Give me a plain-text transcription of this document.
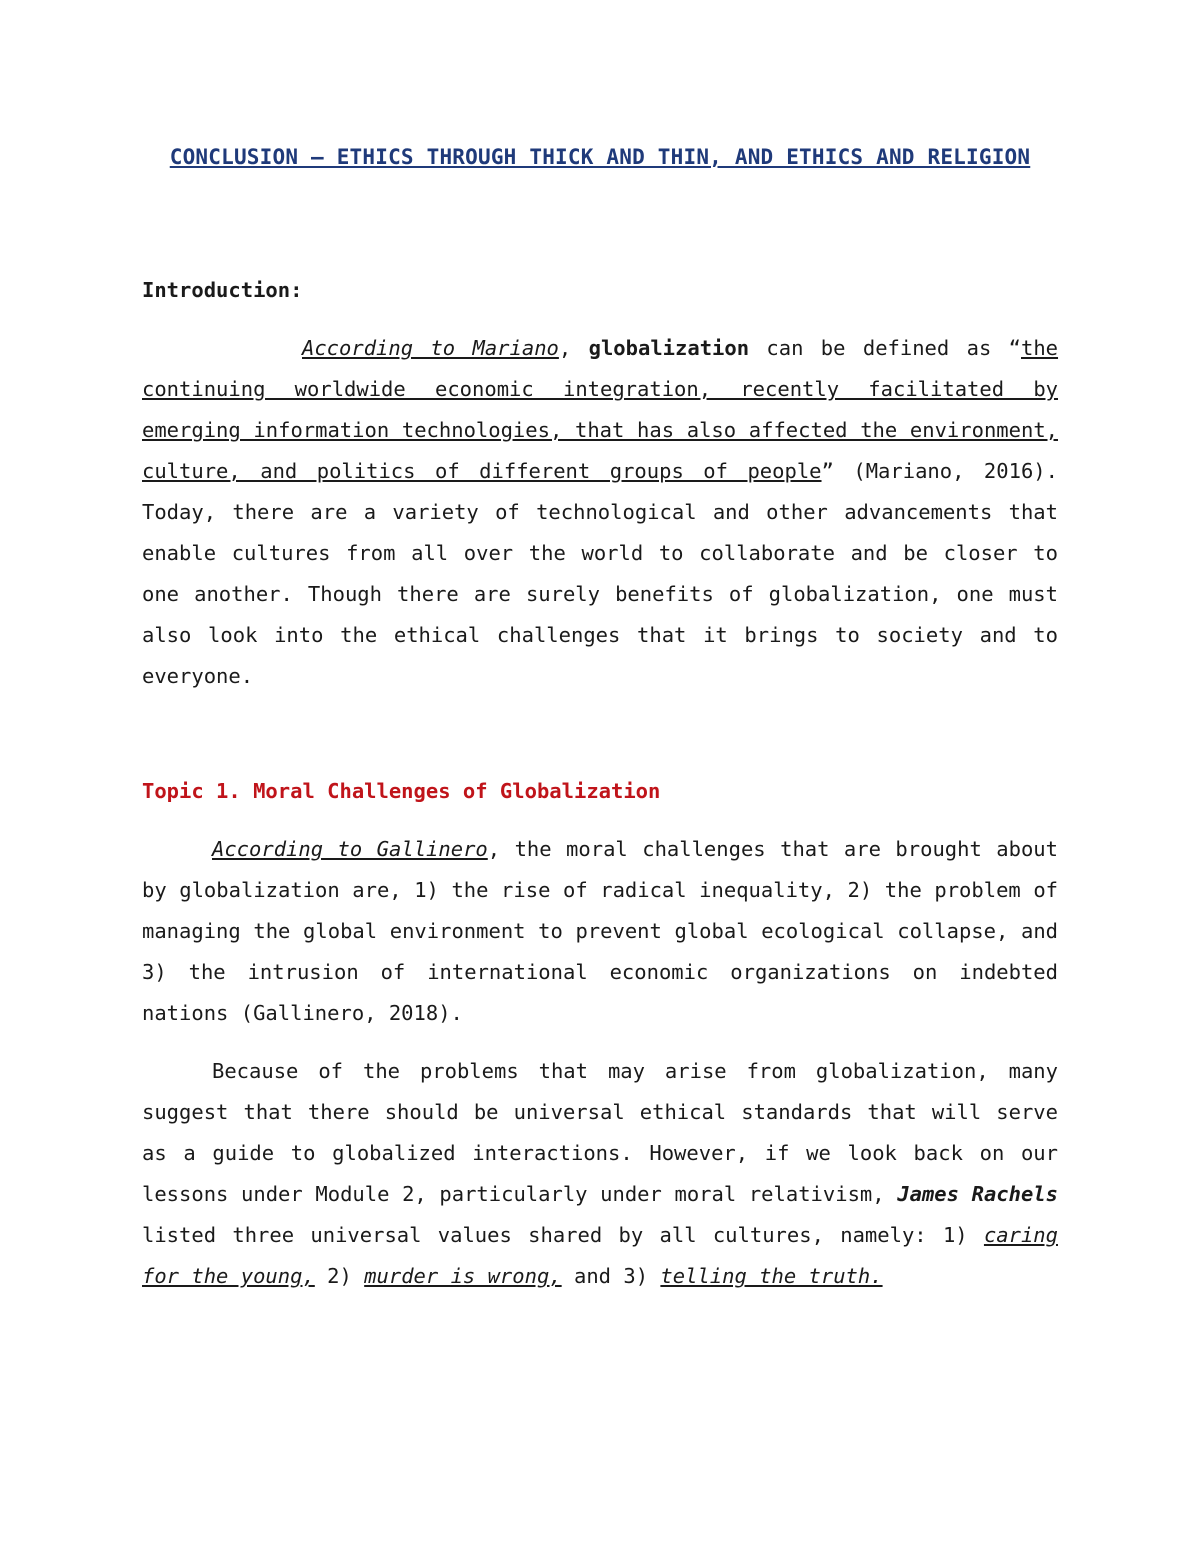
CONCLUSION – ETHICS THROUGH THICK AND THIN, AND ETHICS AND RELIGION
Introduction:
According to Mariano, globalization can be defined as “the continuing worldwide economic integration, recently facilitated by emerging information technologies, that has also affected the environment, culture, and politics of different groups of people” (Mariano, 2016). Today, there are a variety of technological and other advancements that enable cultures from all over the world to collaborate and be closer to one another. Though there are surely benefits of globalization, one must also look into the ethical challenges that it brings to society and to everyone.
Topic 1. Moral Challenges of Globalization
According to Gallinero, the moral challenges that are brought about by globalization are, 1) the rise of radical inequality, 2) the problem of managing the global environment to prevent global ecological collapse, and 3) the intrusion of international economic organizations on indebted nations (Gallinero, 2018).
Because of the problems that may arise from globalization, many suggest that there should be universal ethical standards that will serve as a guide to globalized interactions. However, if we look back on our lessons under Module 2, particularly under moral relativism, James Rachels listed three universal values shared by all cultures, namely: 1) caring for the young, 2) murder is wrong, and 3) telling the truth.
